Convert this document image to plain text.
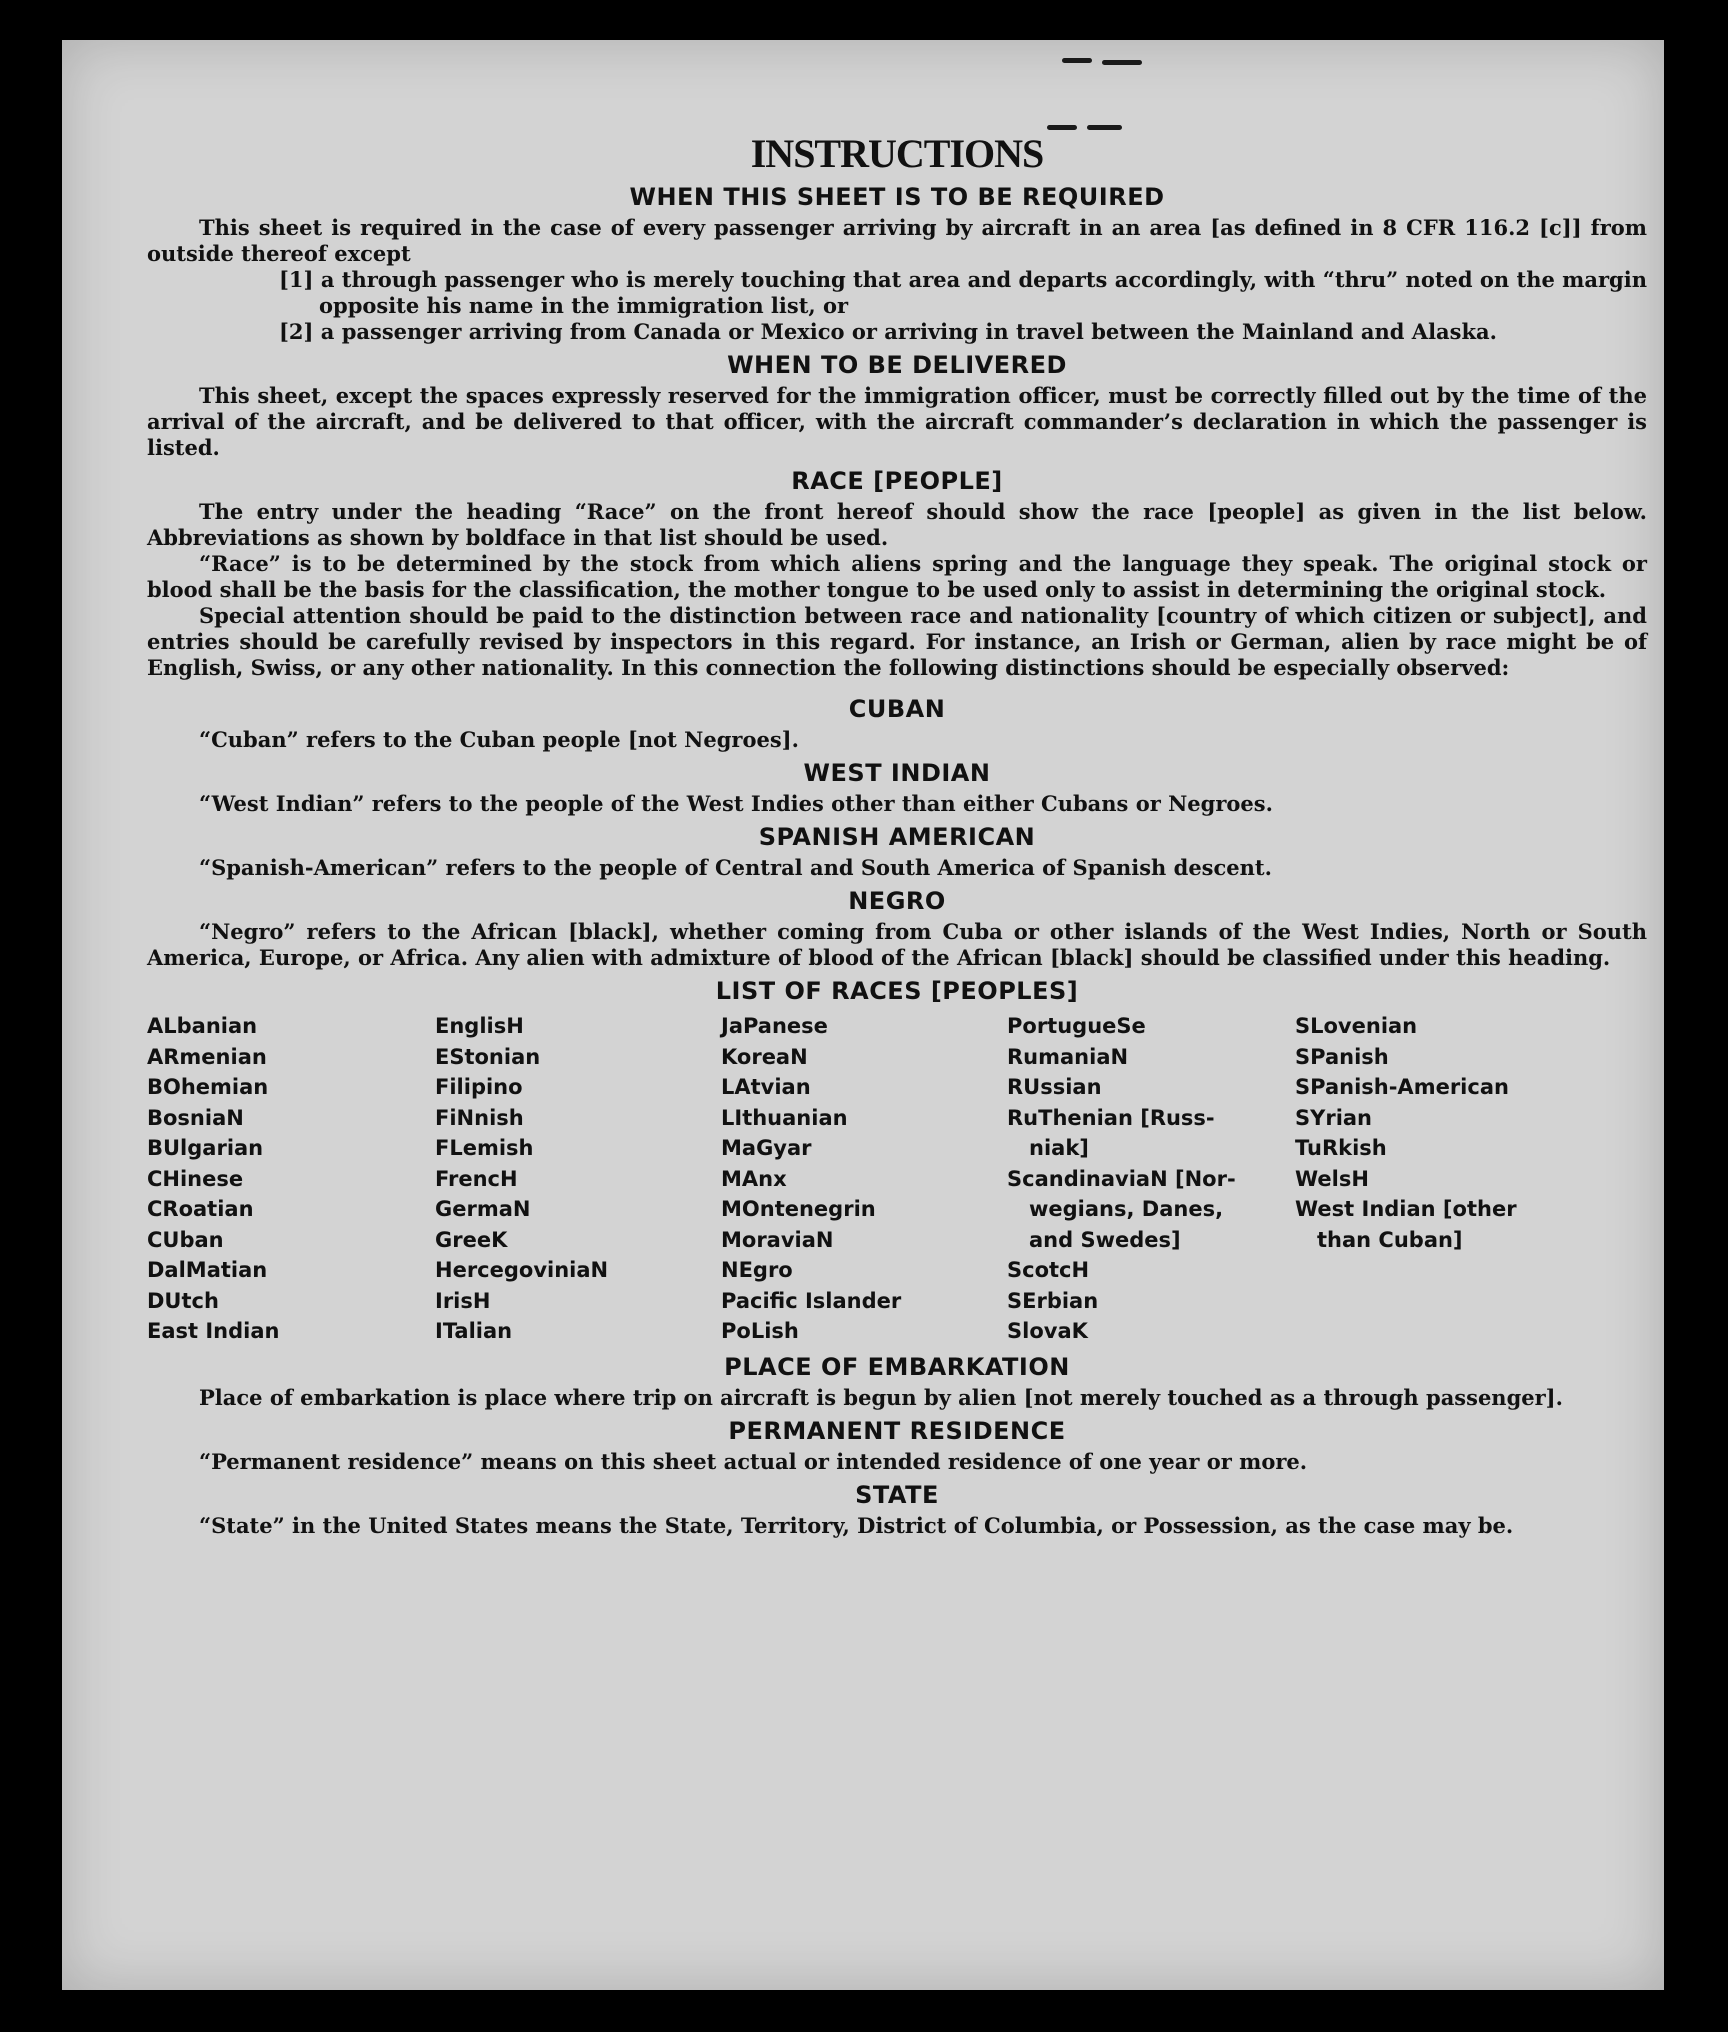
INSTRUCTIONS
WHEN THIS SHEET IS TO BE REQUIRED

This sheet is required in the case of every passenger arriving by aircraft in an area [as defined in 8 CFR 116.2 [c]] from outside thereof except

[1] a through passenger who is merely touching that area and departs accordingly, with “thru” noted on the margin opposite his name in the immigration list, or

[2] a passenger arriving from Canada or Mexico or arriving in travel between the Mainland and Alaska.

WHEN TO BE DELIVERED

This sheet, except the spaces expressly reserved for the immigration officer, must be correctly filled out by the time of the arrival of the aircraft, and be delivered to that officer, with the aircraft commander’s declaration in which the passenger is listed.

RACE [PEOPLE]

The entry under the heading “Race” on the front hereof should show the race [people] as given in the list below. Abbreviations as shown by boldface in that list should be used.

“Race” is to be determined by the stock from which aliens spring and the language they speak. The original stock or blood shall be the basis for the classification, the mother tongue to be used only to assist in determining the original stock.

Special attention should be paid to the distinction between race and nationality [country of which citizen or subject], and entries should be carefully revised by inspectors in this regard. For instance, an Irish or German, alien by race might be of English, Swiss, or any other nationality. In this connection the following distinctions should be especially observed:

CUBAN

“Cuban” refers to the Cuban people [not Negroes].

WEST INDIAN

“West Indian” refers to the people of the West Indies other than either Cubans or Negroes.

SPANISH AMERICAN

“Spanish-American” refers to the people of Central and South America of Spanish descent.

NEGRO

“Negro” refers to the African [black], whether coming from Cuba or other islands of the West Indies, North or South America, Europe, or Africa. Any alien with admixture of blood of the African [black] should be classified under this heading.

LIST OF RACES [PEOPLES]
ALbanian
ARmenian
BOhemian
BosniaN
BUlgarian
CHinese
CRoatian
CUban
DalMatian
DUtch
East Indian
EnglisH
EStonian
Filipino
FiNnish
FLemish
FrencH
GermaN
GreeK
HercegoviniaN
IrisH
ITalian
JaPanese
KoreaN
LAtvian
LIthuanian
MaGyar
MAnx
MOntenegrin
MoraviaN
NEgro
Pacific Islander
PoLish
PortugueSe
RumaniaN
RUssian
RuThenian [Russ-
niak]
ScandinaviaN [Nor-
wegians, Danes,
and Swedes]
ScotcH
SErbian
SlovaK
SLovenian
SPanish
SPanish-American
SYrian
TuRkish
WelsH
West Indian [other
than Cuban]
PLACE OF EMBARKATION

Place of embarkation is place where trip on aircraft is begun by alien [not merely touched as a through passenger].

PERMANENT RESIDENCE

“Permanent residence” means on this sheet actual or intended residence of one year or more.

STATE

“State” in the United States means the State, Territory, District of Columbia, or Possession, as the case may be.
